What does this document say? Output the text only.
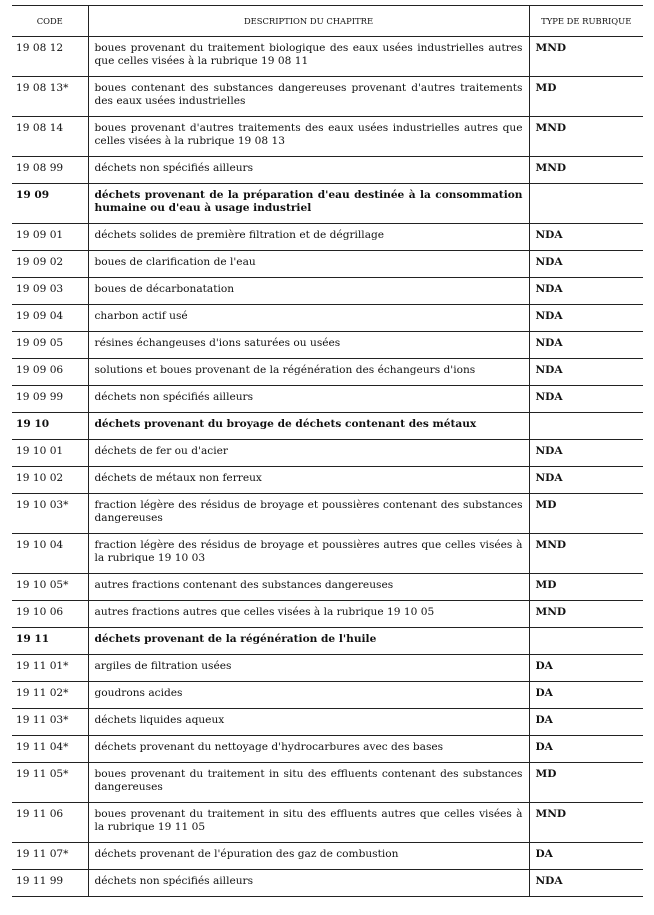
CODE	DESCRIPTION DU CHAPITRE	TYPE DE RUBRIQUE
19 08 12	boues provenant du traitement biologique des eaux usées industrielles autres que celles visées à la rubrique 19 08 11	MND
19 08 13*	boues contenant des substances dangereuses provenant d'autres traitements des eaux usées industrielles	MD
19 08 14	boues provenant d'autres traitements des eaux usées industrielles autres que celles visées à la rubrique 19 08 13	MND
19 08 99	déchets non spécifiés ailleurs	MND
19 09	déchets provenant de la préparation d'eau destinée à la consommation humaine ou d'eau à usage industriel	
19 09 01	déchets solides de première filtration et de dégrillage	NDA
19 09 02	boues de clarification de l'eau	NDA
19 09 03	boues de décarbonatation	NDA
19 09 04	charbon actif usé	NDA
19 09 05	résines échangeuses d'ions saturées ou usées	NDA
19 09 06	solutions et boues provenant de la régénération des échangeurs d'ions	NDA
19 09 99	déchets non spécifiés ailleurs	NDA
19 10	déchets provenant du broyage de déchets contenant des métaux	
19 10 01	déchets de fer ou d'acier	NDA
19 10 02	déchets de métaux non ferreux	NDA
19 10 03*	fraction légère des résidus de broyage et poussières contenant des substances dangereuses	MD
19 10 04	fraction légère des résidus de broyage et poussières autres que celles visées à la rubrique 19 10 03	MND
19 10 05*	autres fractions contenant des substances dangereuses	MD
19 10 06	autres fractions autres que celles visées à la rubrique 19 10 05	MND
19 11	déchets provenant de la régénération de l'huile	
19 11 01*	argiles de filtration usées	DA
19 11 02*	goudrons acides	DA
19 11 03*	déchets liquides aqueux	DA
19 11 04*	déchets provenant du nettoyage d'hydrocarbures avec des bases	DA
19 11 05*	boues provenant du traitement in situ des effluents contenant des substances dangereuses	MD
19 11 06	boues provenant du traitement in situ des effluents autres que celles visées à la rubrique 19 11 05	MND
19 11 07*	déchets provenant de l'épuration des gaz de combustion	DA
19 11 99	déchets non spécifiés ailleurs	NDA
